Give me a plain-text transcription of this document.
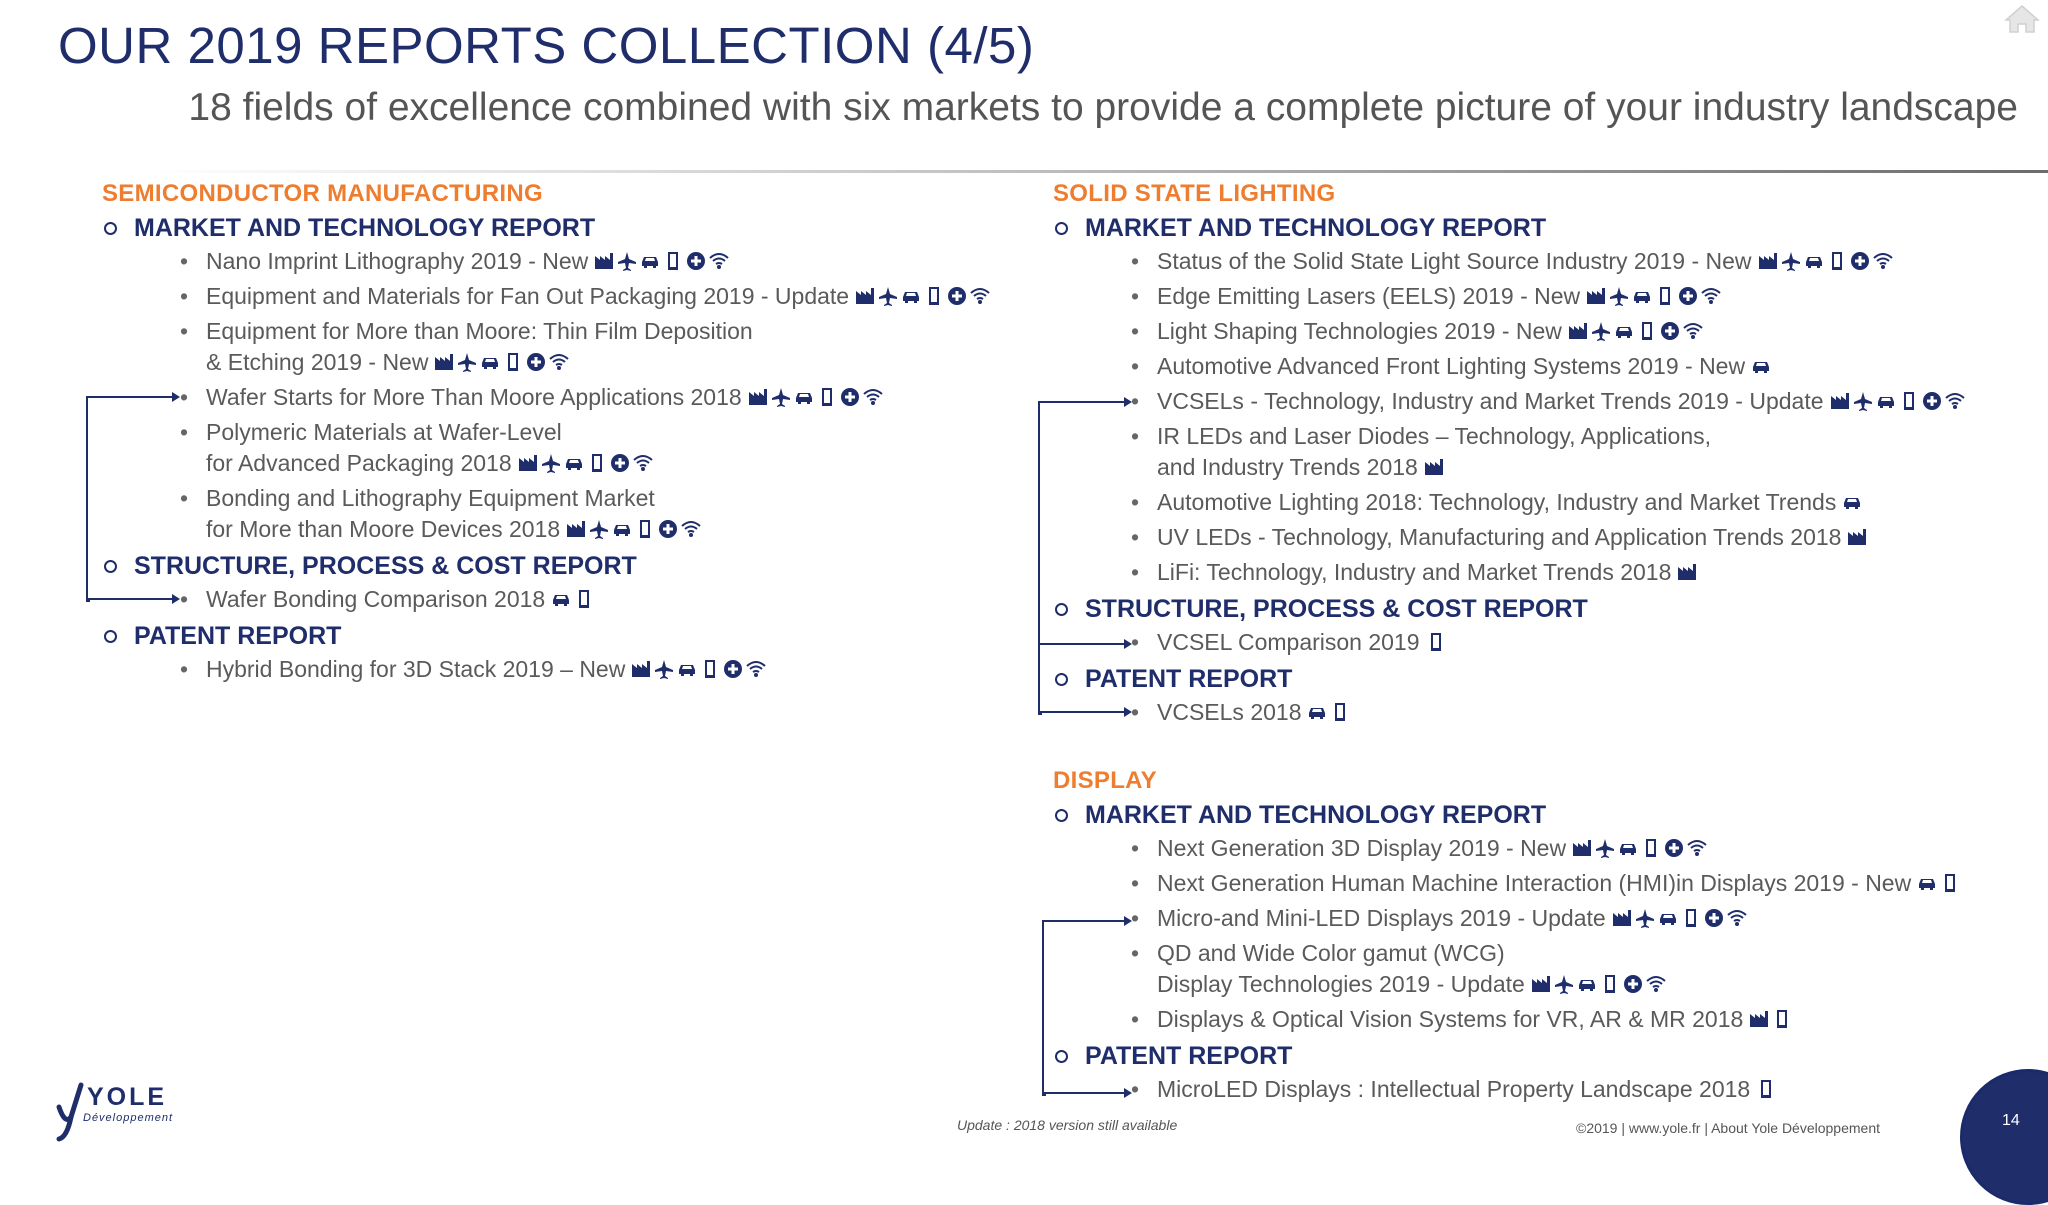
OUR 2019 REPORTS COLLECTION (4/5)
18 fields of excellence combined with six markets to provide a complete picture of your industry landscape
SEMICONDUCTOR MANUFACTURING
MARKET AND TECHNOLOGY REPORT
• Nano Imprint Lithography 2019 - New
• Equipment and Materials for Fan Out Packaging 2019 - Update
• Equipment for More than Moore: Thin Film Deposition
& Etching 2019 - New
• Wafer Starts for More Than Moore Applications 2018
• Polymeric Materials at Wafer-Level
for Advanced Packaging 2018
• Bonding and Lithography Equipment Market
for More than Moore Devices 2018
STRUCTURE, PROCESS & COST REPORT
• Wafer Bonding Comparison 2018
PATENT REPORT
• Hybrid Bonding for 3D Stack 2019 – New
SOLID STATE LIGHTING
MARKET AND TECHNOLOGY REPORT
• Status of the Solid State Light Source Industry 2019 - New
• Edge Emitting Lasers (EELS) 2019 - New
• Light Shaping Technologies 2019 - New
• Automotive Advanced Front Lighting Systems 2019 - New
• VCSELs - Technology, Industry and Market Trends 2019 - Update
• IR LEDs and Laser Diodes – Technology, Applications,
and Industry Trends 2018
• Automotive Lighting 2018: Technology, Industry and Market Trends
• UV LEDs - Technology, Manufacturing and Application Trends 2018
• LiFi: Technology, Industry and Market Trends 2018
STRUCTURE, PROCESS & COST REPORT
• VCSEL Comparison 2019
PATENT REPORT
• VCSELs 2018
DISPLAY
MARKET AND TECHNOLOGY REPORT
• Next Generation 3D Display 2019 - New
• Next Generation Human Machine Interaction (HMI)in Displays 2019 - New
• Micro-and Mini-LED Displays 2019 - Update
• QD and Wide Color gamut (WCG)
Display Technologies 2019 - Update
• Displays & Optical Vision Systems for VR, AR & MR 2018
PATENT REPORT
• MicroLED Displays : Intellectual Property Landscape 2018
YOLE
Développement	Update : 2018 version still available	©2019 | www.yole.fr | About Yole Développement	14
